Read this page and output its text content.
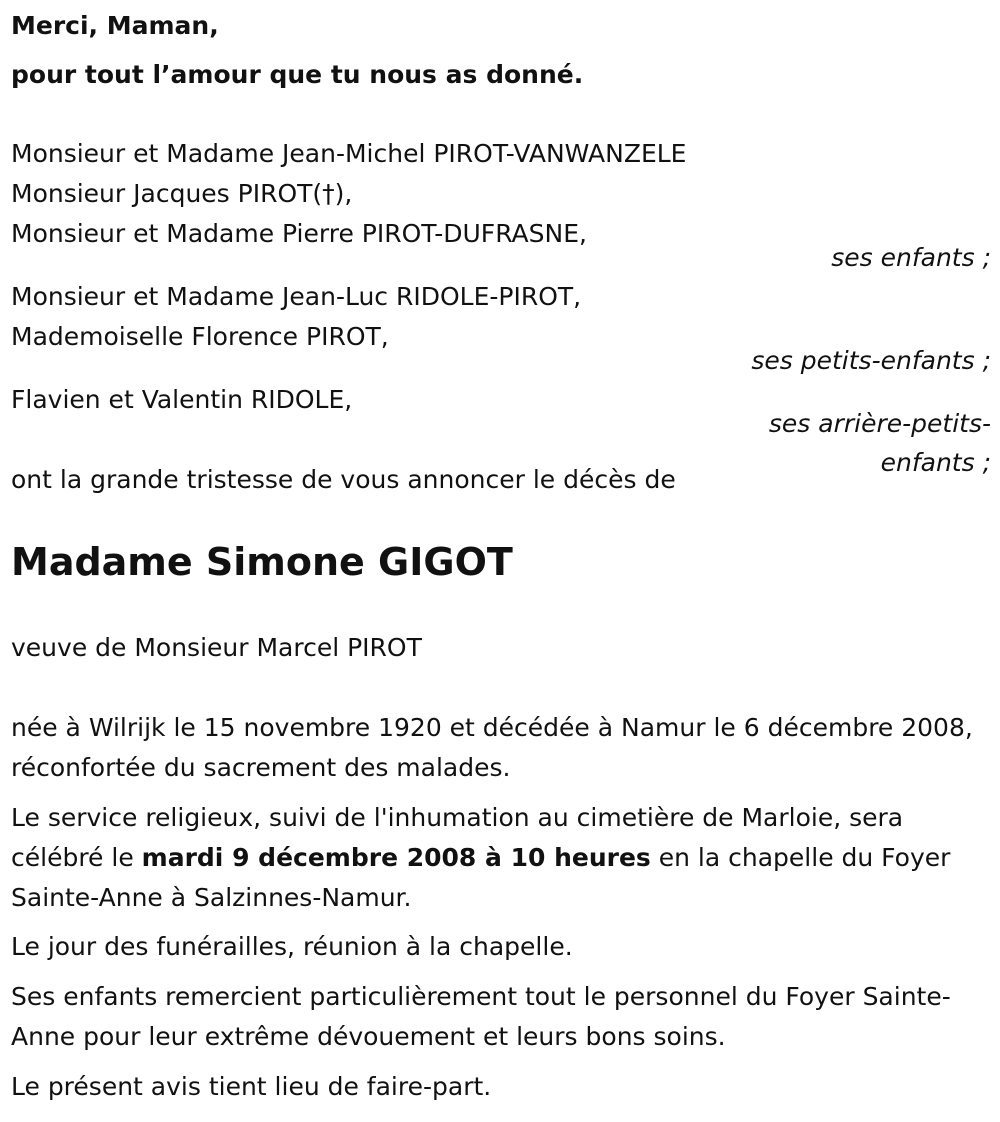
Merci, Maman,
pour tout l’amour que tu nous as donné.
Monsieur et Madame Jean-Michel PIROT-VANWANZELE
Monsieur Jacques PIROT(†),
Monsieur et Madame Pierre PIROT-DUFRASNE,
ses enfants ;
Monsieur et Madame Jean-Luc RIDOLE-PIROT,
Mademoiselle Florence PIROT,
ses petits-enfants ;
Flavien et Valentin RIDOLE,
ses arrière-petits-
enfants ;
ont la grande tristesse de vous annoncer le décès de
Madame Simone GIGOT
veuve de Monsieur Marcel PIROT
née à Wilrijk le 15 novembre 1920 et décédée à Namur le 6 décembre 2008, réconfortée du sacrement des malades.
Le service religieux, suivi de l'inhumation au cimetière de Marloie, sera célébré le mardi 9 décembre 2008 à 10 heures en la chapelle du Foyer Sainte-Anne à Salzinnes-Namur.
Le jour des funérailles, réunion à la chapelle.
Ses enfants remercient particulièrement tout le personnel du Foyer Sainte-Anne pour leur extrême dévouement et leurs bons soins.
Le présent avis tient lieu de faire-part.
